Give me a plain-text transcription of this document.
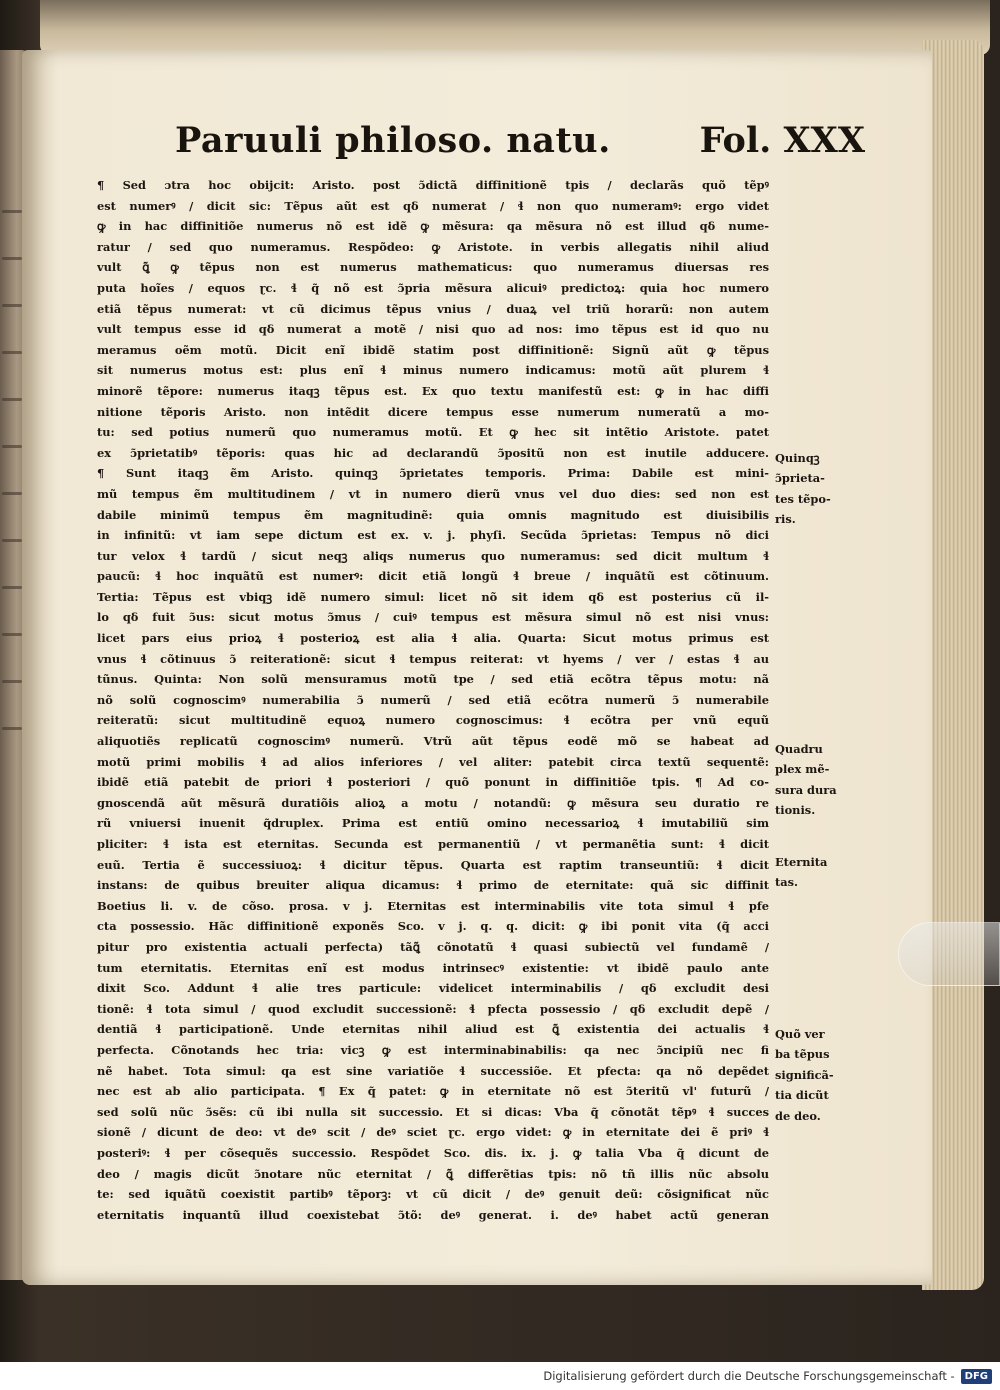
Paruuli philoso. natu.	Fol. XXX
¶ Sed ɔtra hoc obijcit: Aristo. post ɔ̃dictã diffinitionẽ tpis / declarãs quõ tẽpꝰ
est numerꝰ / dicit sic: Tẽpus aũt est qδ numerat / ɬ non quo numeramꝰ: ergo videt
ꝙ in hac diffinitiõe numerus nõ est idẽ ꝙ mẽsura: qa mẽsura nõ est illud qδ nume-
ratur / sed quo numeramus. Respõdeo: ꝙ Aristote. in verbis allegatis nihil aliud
vult ꝗ̃ ꝙ tẽpus non est numerus mathematicus: quo numeramus diuersas res
puta hoĩes / equos ɽc. ɬ q̃ nõ est ɔ̃pria mẽsura alicuiꝰ predictoꝝ: quia hoc numero
etiã tẽpus numerat: vt cũ dicimus tẽpus vnius / duaꝝ vel triũ horarũ: non autem
vult tempus esse id qδ numerat a motẽ / nisi quo ad nos: imo tẽpus est id quo nu
meramus oẽm motũ. Dicit enĩ ibidẽ statim post diffinitionẽ: Signũ aũt ꝙ tẽpus
sit numerus motus est: plus enĩ ɬ minus numero indicamus: motũ aũt plurem ɬ
minorẽ tẽpore: numerus itaqꝫ tẽpus est. Ex quo textu manifestũ est: ꝙ in hac diffi
nitione tẽporis Aristo. non intẽdit dicere tempus esse numerum numeratũ a mo-
tu: sed potius numerũ quo numeramus motũ. Et ꝙ hec sit intẽtio Aristote. patet
ex ɔ̃prietatibꝰ tẽporis: quas hic ad declarandũ ɔ̃positũ non est inutile adducere.
¶ Sunt itaqꝫ ẽm Aristo. quinqꝫ ɔ̃prietates temporis. Prima: Dabile est mini-
mũ tempus ẽm multitudinem / vt in numero dierũ vnus vel duo dies: sed non est
dabile minimũ tempus ẽm magnitudinẽ: quia omnis magnitudo est diuisibilis
in infinitũ: vt iam sepe dictum est ex. v. j. phyſi. Secũda ɔ̃prietas: Tempus nõ dici
tur velox ɬ tardũ / sicut neqꝫ aliqs numerus quo numeramus: sed dicit multum ɬ
paucũ: ɬ hoc inquãtũ est numerꝰ: dicit etiã longũ ɬ breue / inquãtũ est cõtinuum.
Tertia: Tẽpus est vbiqꝫ idẽ numero simul: licet nõ sit idem qδ est posterius cũ il-
lo qδ fuit ɔ̃us: sicut motus ɔ̃mus / cuiꝰ tempus est mẽsura simul nõ est nisi vnus:
licet pars eius prioꝝ ɬ posterioꝝ est alia ɬ alia. Quarta: Sicut motus primus est
vnus ɬ cõtinuus ɔ̃ reiterationẽ: sicut ɬ tempus reiterat: vt hyems / ver / estas ɬ au
tũnus. Quinta: Non solũ mensuramus motũ tpe / sed etiã ecõtra tẽpus motu: nã
nõ solũ cognoscimꝰ numerabilia ɔ̃ numerũ / sed etiã ecõtra numerũ ɔ̃ numerabile
reiteratũ: sicut multitudinẽ equoꝝ numero cognoscimus: ɬ ecõtra per vnũ equũ
aliquotiẽs replicatũ cognoscimꝰ numerũ. Vtrũ aũt tẽpus eodẽ mõ se habeat ad
motũ primi mobilis ɬ ad alios inferiores / vel aliter: patebit circa textũ sequentẽ:
ibidẽ etiã patebit de priori ɬ posteriori / quõ ponunt in diffinitiõe tpis. ¶ Ad co-
gnoscendã aũt mẽsurã duratiõis alioꝝ a motu / notandũ: ꝙ mẽsura seu duratio re
rũ vniuersi inuenit q̃druplex. Prima est entiũ omino necessarioꝝ ɬ imutabiliũ sim
pliciter: ɬ ista est eternitas. Secunda est permanentiũ / vt permanẽtia sunt: ɬ dicit
euũ. Tertia ẽ successiuoꝝ: ɬ dicitur tẽpus. Quarta est raptim transeuntiũ: ɬ dicit
instans: de quibus breuiter aliqua dicamus: ɬ primo de eternitate: quã sic diffinit
Boetius li. v. de cõso. prosa. v j. Eternitas est interminabilis vite tota simul ɬ pfe
cta possessio. Hãc diffinitionẽ exponẽs Sco. v j. q. q. dicit: ꝙ ibi ponit vita (q̃ acci
pitur pro existentia actuali perfecta) tãꝗ̃ cõnotatũ ɬ quasi subiectũ vel fundamẽ /
tum eternitatis. Eternitas enĩ est modus intrinsecꝰ existentie: vt ibidẽ paulo ante
dixit Sco. Addunt ɬ alie tres particule: videlicet interminabilis / qδ excludit desi
tionẽ: ɬ tota simul / quod excludit successionẽ: ɬ pfecta possessio / qδ excludit depẽ /
dentiã ɬ participationẽ. Unde eternitas nihil aliud est ꝗ̃ existentia dei actualis ɬ
perfecta. Cõnotands hec tria: vicꝫ ꝙ est interminabinabilis: qa nec ɔ̃ncipiũ nec fi
nẽ habet. Tota simul: qa est sine variatiõe ɬ successiõe. Et pfecta: qa nõ depẽdet
nec est ab alio participata. ¶ Ex q̃ patet: ꝙ in eternitate nõ est ɔ̃teritũ vl' futurũ /
sed solũ nũc ɔ̃sẽs: cũ ibi nulla sit successio. Et si dicas: Vba q̃ cõnotãt tẽpꝰ ɬ succes
sionẽ / dicunt de deo: vt deꝰ scit / deꝰ sciet ɽc. ergo videt: ꝙ in eternitate dei ẽ priꝰ ɬ
posteriꝰ: ɬ per cõsequẽs successio. Respõdet Sco. dis. ix. j. ꝙ talia Vba q̃ dicunt de
deo / magis dicũt ɔ̃notare nũc eternitat / ꝗ̃ differẽtias tpis: nõ tñ illis nũc absolu
te: sed iquãtũ coexistit partibꝰ tẽporꝫ: vt cũ dicit / deꝰ genuit deũ: cõsignificat nũc
eternitatis inquantũ illud coexistebat ɔ̃tõ: deꝰ generat. i. deꝰ habet actũ generan
Quinqꝫ
ɔ̃prieta-
tes tẽpo-
ris.
Quadru
plex mẽ-
sura dura
tionis.
Eternita
tas.
Quõ ver
ba tẽpus
significã-
tia dicũt
de deo.
Digitalisierung gefördert durch die Deutsche Forschungsgemeinschaft -	DFG
